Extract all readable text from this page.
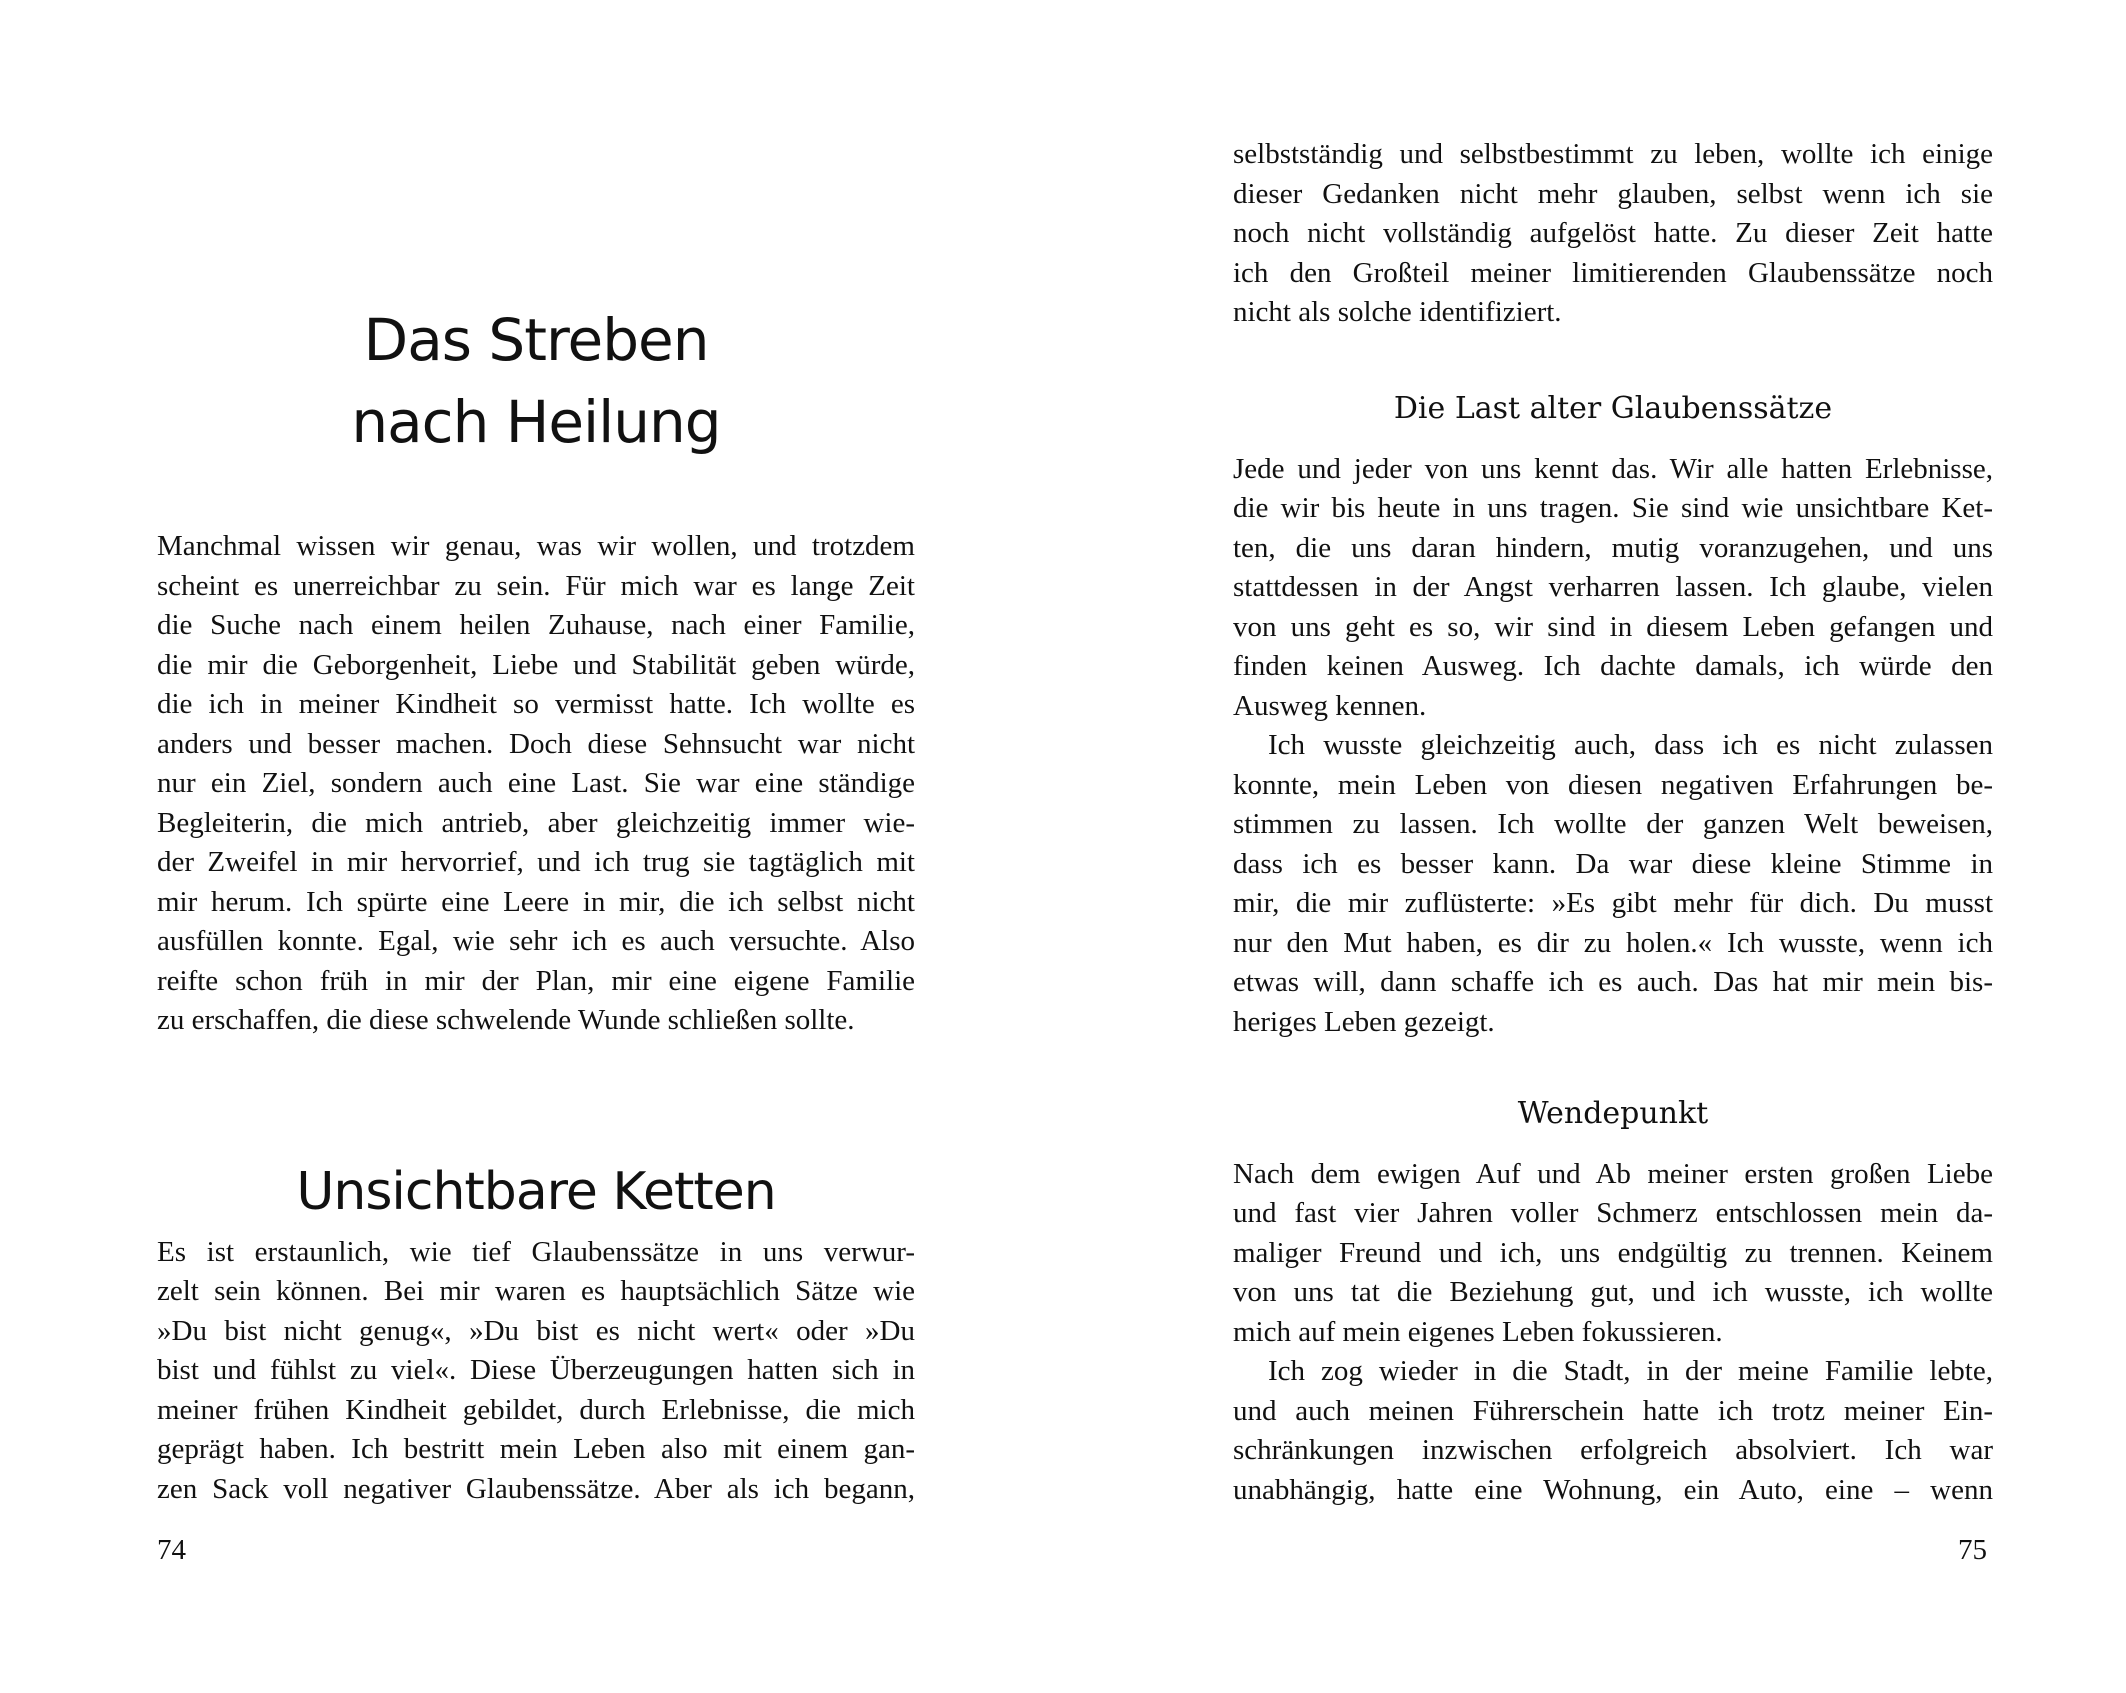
Das Streben
nach Heilung
Manchmal wissen wir genau, was wir wollen, und trotzdem
scheint es unerreichbar zu sein. Für mich war es lange Zeit
die Suche nach einem heilen Zuhause, nach einer Familie,
die mir die Geborgenheit, Liebe und Stabilität geben würde,
die ich in meiner Kindheit so vermisst hatte. Ich wollte es
anders und besser machen. Doch diese Sehnsucht war nicht
nur ein Ziel, sondern auch eine Last. Sie war eine ständige
Begleiterin, die mich antrieb, aber gleichzeitig immer wie-
der Zweifel in mir hervorrief, und ich trug sie tagtäglich mit
mir herum. Ich spürte eine Leere in mir, die ich selbst nicht
ausfüllen konnte. Egal, wie sehr ich es auch versuchte. Also
reifte schon früh in mir der Plan, mir eine eigene Familie
zu erschaffen, die diese schwelende Wunde schließen sollte.
Unsichtbare Ketten
Es ist erstaunlich, wie tief Glaubenssätze in uns verwur-
zelt sein können. Bei mir waren es hauptsächlich Sätze wie
»Du bist nicht genug«, »Du bist es nicht wert« oder »Du
bist und fühlst zu viel«. Diese Überzeugungen hatten sich in
meiner frühen Kindheit gebildet, durch Erlebnisse, die mich
geprägt haben. Ich bestritt mein Leben also mit einem gan-
zen Sack voll negativer Glaubenssätze. Aber als ich begann,
74
selbstständig und selbstbestimmt zu leben, wollte ich einige
dieser Gedanken nicht mehr glauben, selbst wenn ich sie
noch nicht vollständig aufgelöst hatte. Zu dieser Zeit hatte
ich den Großteil meiner limitierenden Glaubenssätze noch
nicht als solche identifiziert.
Die Last alter Glaubenssätze
Jede und jeder von uns kennt das. Wir alle hatten Erlebnisse,
die wir bis heute in uns tragen. Sie sind wie unsichtbare Ket-
ten, die uns daran hindern, mutig voranzugehen, und uns
stattdessen in der Angst verharren lassen. Ich glaube, vielen
von uns geht es so, wir sind in diesem Leben gefangen und
finden keinen Ausweg. Ich dachte damals, ich würde den
Ausweg kennen.
Ich wusste gleichzeitig auch, dass ich es nicht zulassen
konnte, mein Leben von diesen negativen Erfahrungen be-
stimmen zu lassen. Ich wollte der ganzen Welt beweisen,
dass ich es besser kann. Da war diese kleine Stimme in
mir, die mir zuflüsterte: »Es gibt mehr für dich. Du musst
nur den Mut haben, es dir zu holen.« Ich wusste, wenn ich
etwas will, dann schaffe ich es auch. Das hat mir mein bis-
heriges Leben gezeigt.
Wendepunkt
Nach dem ewigen Auf und Ab meiner ersten großen Liebe
und fast vier Jahren voller Schmerz entschlossen mein da-
maliger Freund und ich, uns endgültig zu trennen. Keinem
von uns tat die Beziehung gut, und ich wusste, ich wollte
mich auf mein eigenes Leben fokussieren.
Ich zog wieder in die Stadt, in der meine Familie lebte,
und auch meinen Führerschein hatte ich trotz meiner Ein-
schränkungen inzwischen erfolgreich absolviert. Ich war
unabhängig, hatte eine Wohnung, ein Auto, eine – wenn
75
